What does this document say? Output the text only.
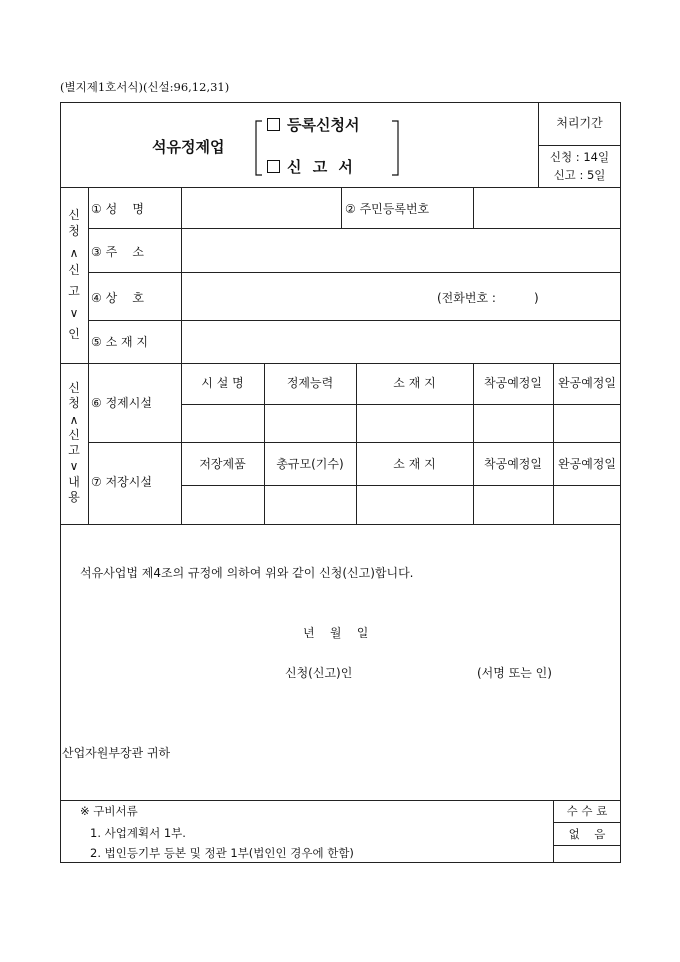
(별지제1호서식)(신설:96,12,31)
석유정제업
등록신청서
신 고 서
처리기간
신청 : 14일
신고 : 5일
신
청
∧
신
고
∨
인
① 성    명	② 주민등록번호
③ 주    소
④ 상    호	(전화번호 :          )
⑤ 소 재 지
신
청
∧
신
고
∨
내
용
⑥ 정제시설
시 설 명	정제능력	소 재 지	착공예정일	완공예정일
⑦ 저장시설
저장제품	총규모(기수)	소 재 지	착공예정일	완공예정일
석유사업법 제4조의 규정에 의하여 위와 같이 신청(신고)합니다.
년    월    일
신청(신고)인	(서명 또는 인)
산업자원부장관 귀하
※ 구비서류
1. 사업계획서 1부.
2. 법인등기부 등본 및 정관 1부(법인인 경우에 한함)
수 수 료
없    음
